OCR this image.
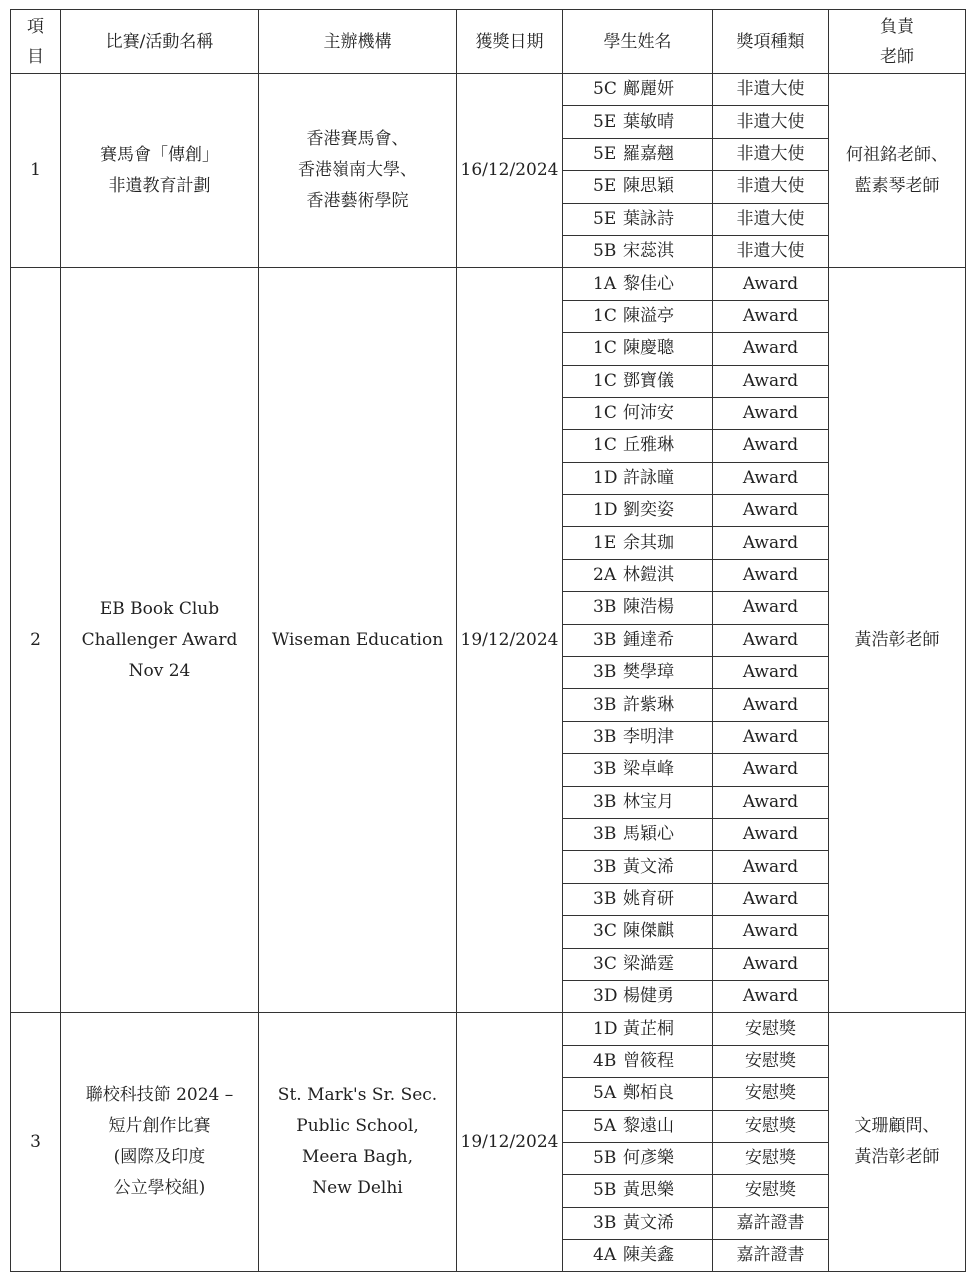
項
目	比賽/活動名稱	主辦機構	獲獎日期	學生姓名	獎項種類	負責
老師

1	賽馬會「傳創」
非遺教育計劃	香港賽馬會、
香港嶺南大學、
香港藝術學院	16/12/2024	5C 鄺麗妍	非遺大使	何祖銘老師、
藍素琴老師

				5E 葉敏晴	非遺大使	
				5E 羅嘉翹	非遺大使	
				5E 陳思穎	非遺大使	
				5E 葉詠詩	非遺大使	
				5B 宋蕊淇	非遺大使	
2	EB Book Club
Challenger Award
Nov 24	Wiseman Education	19/12/2024	1A 黎佳心	Award	黃浩彰老師

				1C 陳溢亭	Award	
				1C 陳慶聰	Award	
				1C 鄧寶儀	Award	
				1C 何沛安	Award	
				1C 丘雅琳	Award	
				1D 許詠曈	Award	
				1D 劉奕姿	Award	
				1E 余其珈	Award	
				2A 林鎧淇	Award	
				3B 陳浩楊	Award	
				3B 鍾達希	Award	
				3B 樊學璋	Award	
				3B 許紫琳	Award	
				3B 李明津	Award	
				3B 梁卓峰	Award	
				3B 林宝月	Award	
				3B 馬穎心	Award	
				3B 黃文浠	Award	
				3B 姚育研	Award	
				3C 陳傑麒	Award	
				3C 梁澔霆	Award	
				3D 楊健勇	Award	
3	聯校科技節 2024 –
短片創作比賽
(國際及印度
公立學校組)	St. Mark's Sr. Sec.
Public School,
Meera Bagh,
New Delhi	19/12/2024	1D 黃芷桐	安慰獎	文珊顧問、
黃浩彰老師

				4B 曾筱程	安慰獎	
				5A 鄭栢良	安慰獎	
				5A 黎遠山	安慰獎	
				5B 何彥樂	安慰獎	
				5B 黃思樂	安慰獎	
				3B 黃文浠	嘉許證書	
				4A 陳美鑫	嘉許證書	
